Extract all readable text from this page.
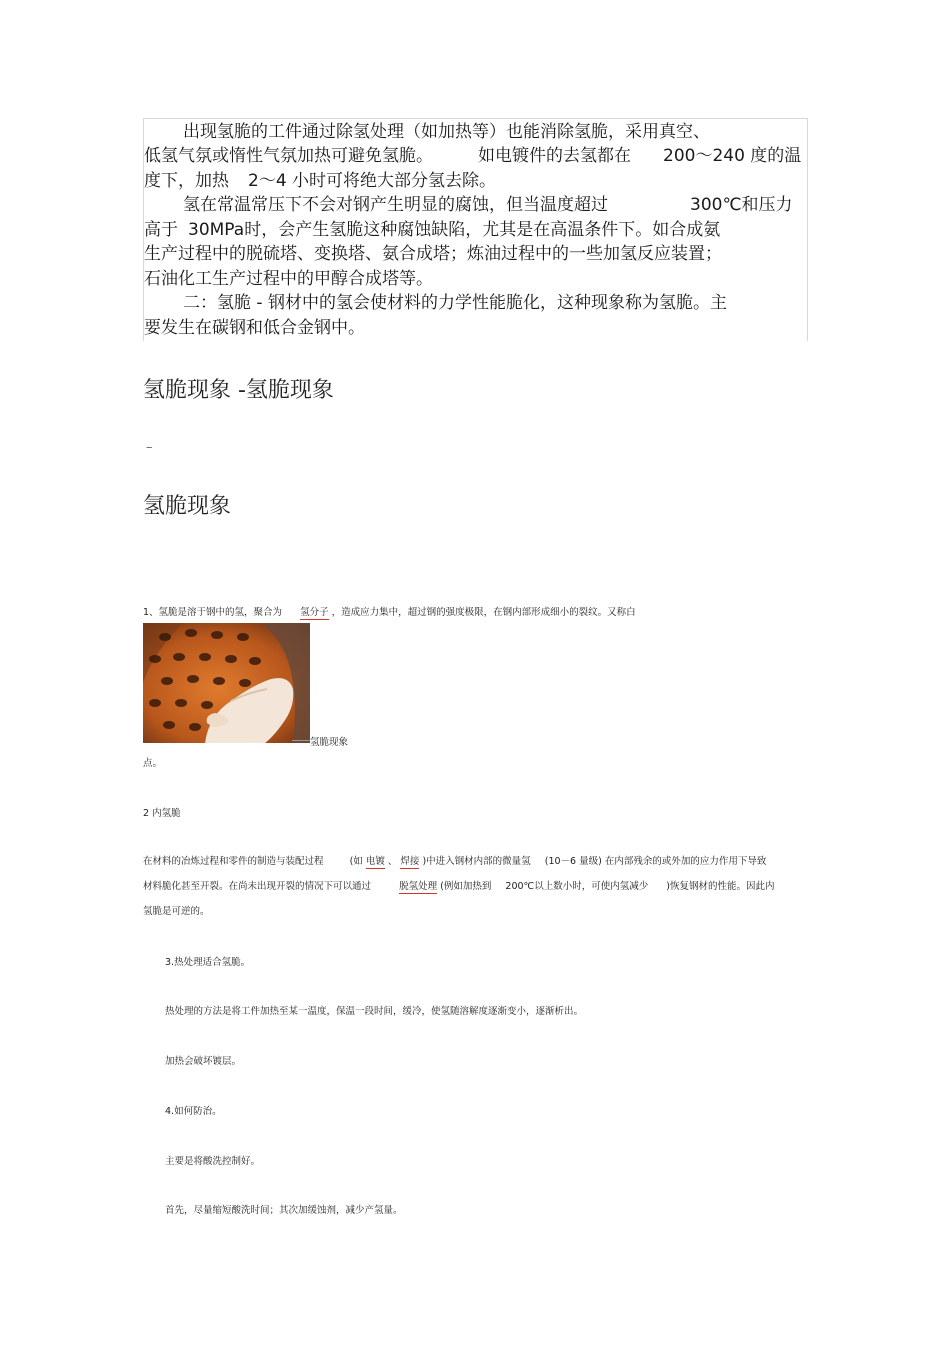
出现氢脆的工件通过除氢处理（如加热等）也能消除氢脆，采用真空、
低氢气氛或惰性气氛加热可避免氢脆。	如电镀件的去氢都在 200～240 度的温
度下，加热 2～4 小时可将绝大部分氢去除。
氢在常温常压下不会对钢产生明显的腐蚀，但当温度超过	300℃和压力
高于 30MPa时，会产生氢脆这种腐蚀缺陷，尤其是在高温条件下。如合成氨
生产过程中的脱硫塔、变换塔、氨合成塔；炼油过程中的一些加氢反应装置；
石油化工生产过程中的甲醇合成塔等。
二：氢脆 - 钢材中的氢会使材料的力学性能脆化，这种现象称为氢脆。主
要发生在碳钢和低合金钢中。
氢脆现象 -氢脆现象
–
氢脆现象
1、氢脆是溶于钢中的氢，聚合为 氢分子 ，造成应力集中，超过钢的强度极限，在钢内部形成细小的裂纹。又称白
氢脆现象
点。
2 内氢脆
在材料的冶炼过程和零件的制造与装配过程	(如 电镀 、 焊接 )中进入钢材内部的微量氢 (10－6 量级) 在内部残余的或外加的应力作用下导致
材料脆化甚至开裂。在尚未出现开裂的情况下可以通过	脱氢处理 (例如加热到 200℃以上数小时，可使内氢减少 )恢复钢材的性能。因此内
氢脆是可逆的。
3.热处理适合氢脆。
热处理的方法是将工件加热至某一温度，保温一段时间，缓冷，使氢随溶解度逐渐变小，逐渐析出。
加热会破坏镀层。
4.如何防治。
主要是将酸洗控制好。
首先，尽量缩短酸洗时间；其次加缓蚀剂，减少产氢量。
